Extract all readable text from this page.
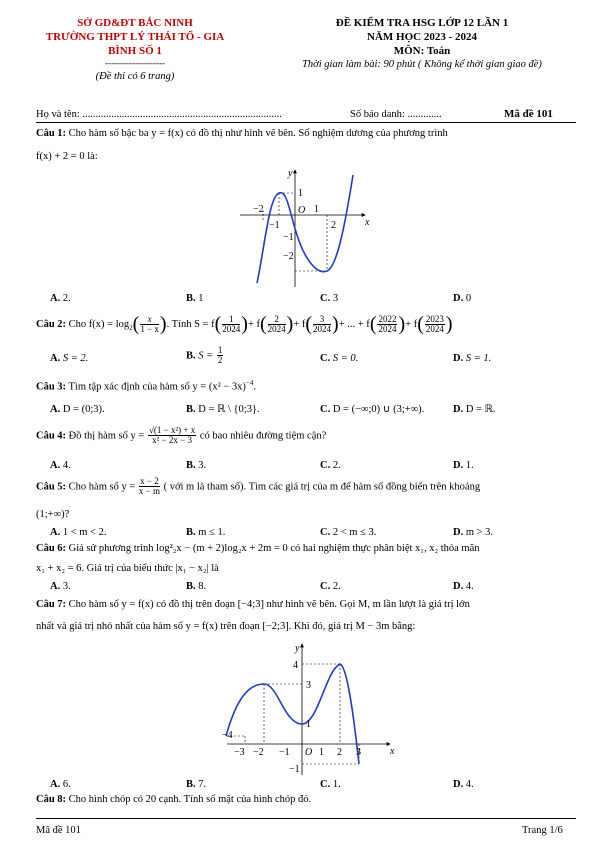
SỞ GD&ĐT BẮC NINH
TRƯỜNG THPT LÝ THÁI TỔ - GIA
BÌNH SỐ 1
--------------------
(Đề thi có 6 trang)
ĐỀ KIỂM TRA HSG LỚP 12 LẦN 1
NĂM HỌC 2023 - 2024
MÔN: Toán
Thời gian làm bài: 90 phút ( Không kể thời gian giao đề)
Họ và tên: ............................................................................	Số báo danh: .............	Mã đề 101
Câu 1: Cho hàm số bậc ba y = f(x) có đồ thị như hình vẽ bên. Số nghiệm dương của phương trình
f(x) + 2 = 0 là:
y
x
O
−2
−1
1
2
1
−1
−2
A. 2.	B. 1	C. 3	D. 0
Câu 2: Cho $f(x) = \log_2( \frac{x}{1 - x}$ ). Tính $S = f( \frac{1}{2024}$ )+ $f( \frac{2}{2024}$ )+ $f( \frac{3}{2024}$ )+ ... + $f( \frac{2022}{2024}$ )+ $f( \frac{2023}{2024}$ )
A. S = 2.	B. $S = \frac{1}{2}$	C. S = 0.	D. S = 1.
Câu 3: Tìm tập xác định của hàm số $y = (x^2 - 3x)^{-4}$.
A. D = (0;3).	B. D = ℝ \ {0;3}.	C. D = (−∞;0) ∪ (3;+∞).	D. D = ℝ.
Câu 4: Đồ thị hàm số $y = \frac{\text{√(1 − x²) + x}}{\text{x² − 2x − 3}}$ có bao nhiêu đường tiệm cận?
A. 4.	B. 3.	C. 2.	D. 1.
Câu 5: Cho hàm số $y = \frac{x - 2}{x - m}$ ( với m là tham số). Tìm các giá trị của m để hàm số đồng biến trên khoảng
(1;+∞)?
A. 1 < m < 2.	B. m ≤ 1.	C. 2 < m ≤ 3.	D. m > 3.
Câu 6: Giả sử phương trình log²₂x − (m + 2)log₂x + 2m = 0 có hai nghiệm thực phân biệt x₁, x₂ thỏa mãn
x₁ + x₂ = 6. Giá trị của biểu thức |x₁ − x₂| là
A. 3.	B. 8.	C. 2.	D. 4.
Câu 7: Cho hàm số y = f(x) có đồ thị trên đoạn [−4;3] như hình vẽ bên. Gọi M, m lần lượt là giá trị lớn
nhất và giá trị nhỏ nhất của hàm số y = f(x) trên đoạn [−2;3]. Khi đó, giá trị M − 3m bằng:
y
x
O
−4
−3 −2 −1	1 2 3
4
3
1
−1
A. 6.	B. 7.	C. 1.	D. 4.
Câu 8: Cho hình chóp có 20 cạnh. Tính số mặt của hình chóp đó.
Mã đề 101	Trang 1/6
